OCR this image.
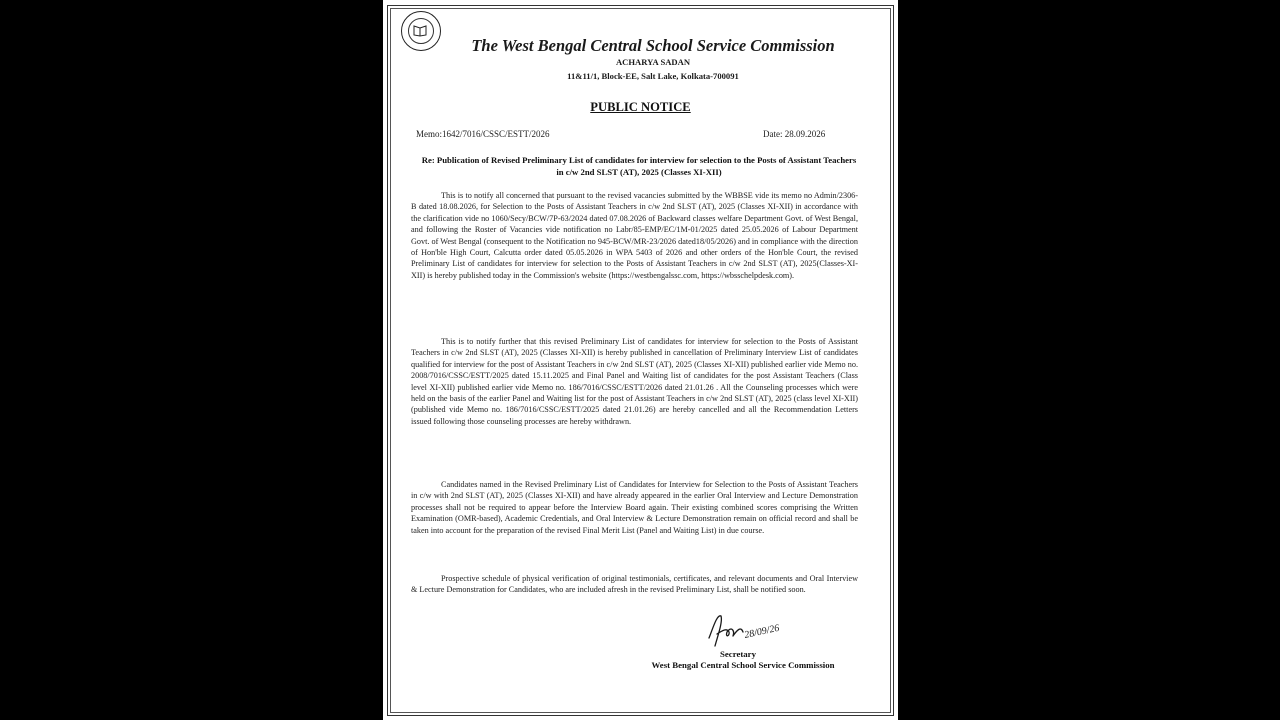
The West Bengal Central School Service Commission
ACHARYA SADAN
11&11/1, Block-EE, Salt Lake, Kolkata-700091
PUBLIC NOTICE
Memo:1642/7016/CSSC/ESTT/2026	Date: 28.09.2026
Re: Publication of Revised Preliminary List of candidates for interview for selection to the Posts of Assistant Teachers in c/w 2nd SLST (AT), 2025 (Classes XI-XII)
This is to notify all concerned that pursuant to the revised vacancies submitted by the WBBSE vide its memo no Admin/2306-B dated 18.08.2026, for Selection to the Posts of Assistant Teachers in c/w 2nd SLST (AT), 2025 (Classes XI-XII) in accordance with the clarification vide no 1060/Secy/BCW/7P-63/2024 dated 07.08.2026 of Backward classes welfare Department Govt. of West Bengal, and following the Roster of Vacancies vide notification no Labr/85-EMP/EC/1M-01/2025 dated 25.05.2026 of Labour Department Govt. of West Bengal (consequent to the Notification no 945-BCW/MR-23/2026 dated18/05/2026) and in compliance with the direction of Hon'ble High Court, Calcutta order dated 05.05.2026 in WPA 5403 of 2026 and other orders of the Hon'ble Court, the revised Preliminary List of candidates for interview for selection to the Posts of Assistant Teachers in c/w 2nd SLST (AT), 2025(Classes-XI-XII) is hereby published today in the Commission's website (https://westbengalssc.com, https://wbsschelpdesk.com).
This is to notify further that this revised Preliminary List of candidates for interview for selection to the Posts of Assistant Teachers in c/w 2nd SLST (AT), 2025 (Classes XI-XII) is hereby published in cancellation of Preliminary Interview List of candidates qualified for interview for the post of Assistant Teachers in c/w 2nd SLST (AT), 2025 (Classes XI-XII) published earlier vide Memo no. 2008/7016/CSSC/ESTT/2025 dated 15.11.2025 and Final Panel and Waiting list of candidates for the post Assistant Teachers (Class level XI-XII) published earlier vide Memo no. 186/7016/CSSC/ESTT/2026 dated 21.01.26 . All the Counseling processes which were held on the basis of the earlier Panel and Waiting list for the post of Assistant Teachers in c/w 2nd SLST (AT), 2025 (class level XI-XII) (published vide Memo no. 186/7016/CSSC/ESTT/2025 dated 21.01.26) are hereby cancelled and all the Recommendation Letters issued following those counseling processes are hereby withdrawn.
Candidates named in the Revised Preliminary List of Candidates for Interview for Selection to the Posts of Assistant Teachers in c/w with 2nd SLST (AT), 2025 (Classes XI-XII) and have already appeared in the earlier Oral Interview and Lecture Demonstration processes shall not be required to appear before the Interview Board again. Their existing combined scores comprising the Written Examination (OMR-based), Academic Credentials, and Oral Interview & Lecture Demonstration remain on official record and shall be taken into account for the preparation of the revised Final Merit List (Panel and Waiting List) in due course.
Prospective schedule of physical verification of original testimonials, certificates, and relevant documents and Oral Interview & Lecture Demonstration for Candidates, who are included afresh in the revised Preliminary List, shall be notified soon.
28/09/26
Secretary
West Bengal Central School Service Commission
